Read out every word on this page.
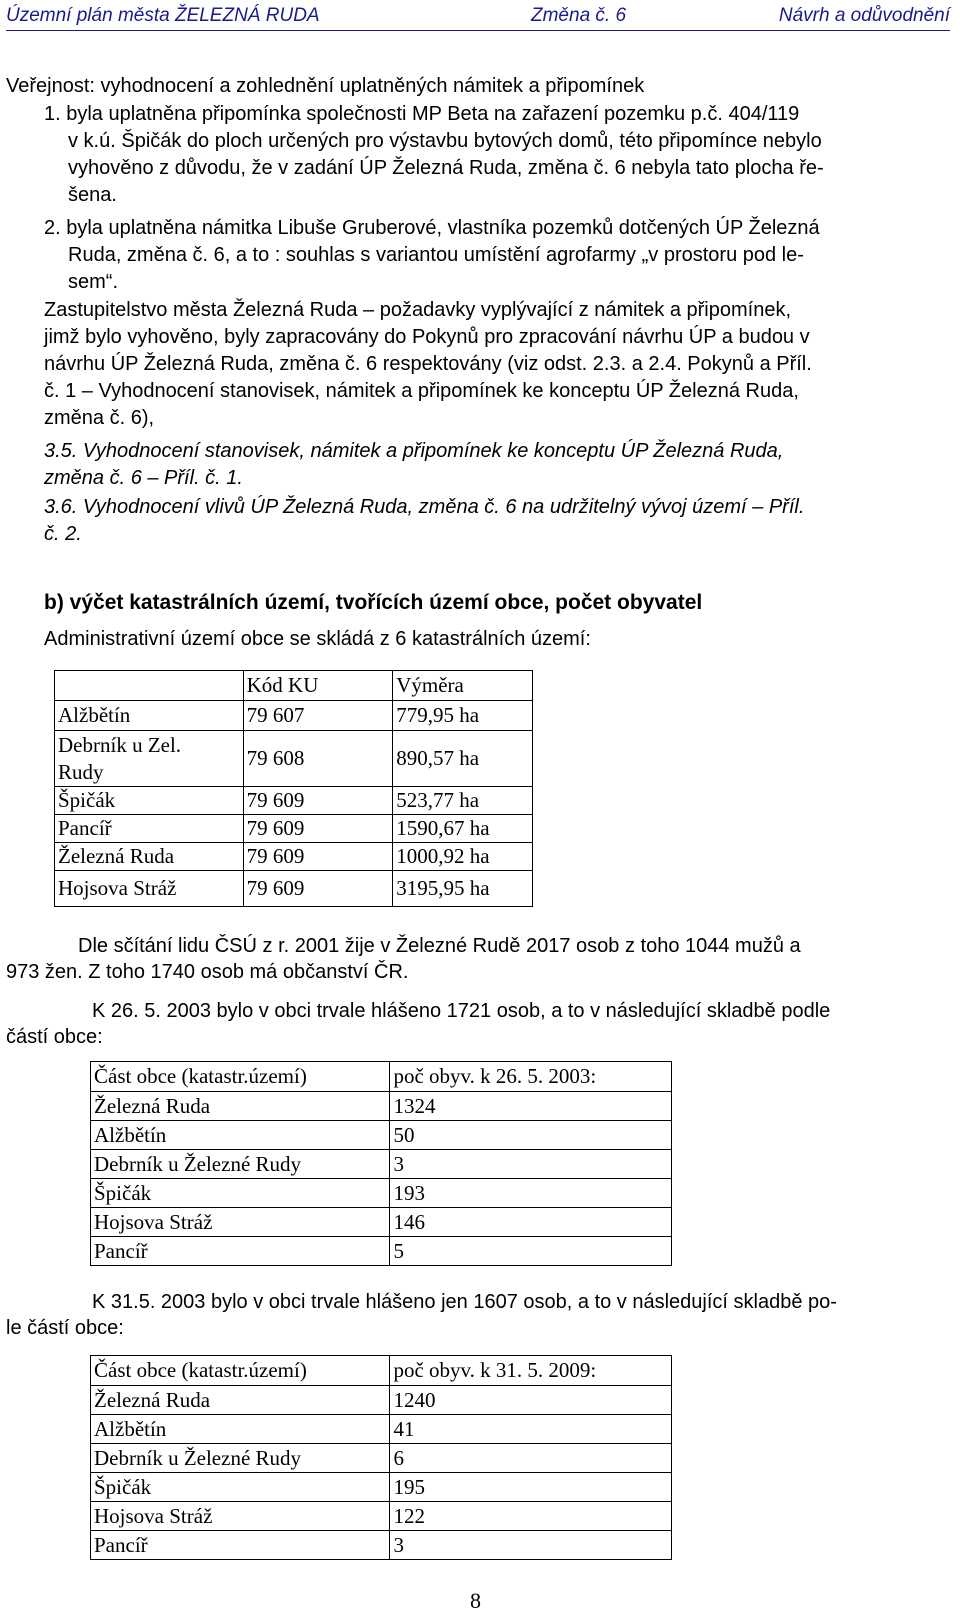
Územní plán města ŽELEZNÁ RUDA	Změna č. 6	Návrh a odůvodnění

Veřejnost: vyhodnocení a zohlednění uplatněných námitek a připomínek

1. byla uplatněna připomínka společnosti MP Beta na zařazení pozemku p.č. 404/119

v k.ú. Špičák do ploch určených pro výstavbu bytových domů, této připomínce nebylo

vyhověno z důvodu, že v zadání ÚP Železná Ruda, změna č. 6 nebyla tato plocha ře-

šena.

2. byla uplatněna námitka Libuše Gruberové, vlastníka pozemků dotčených ÚP Železná

Ruda, změna č. 6, a to : souhlas s variantou umístění agrofarmy „v prostoru pod le-

sem“.

Zastupitelstvo města Železná Ruda – požadavky vyplývající z námitek a připomínek,

jimž bylo vyhověno, byly zapracovány do Pokynů pro zpracování návrhu ÚP a budou v

návrhu ÚP Železná Ruda, změna č. 6 respektovány (viz odst. 2.3. a 2.4. Pokynů a Příl.

č. 1 – Vyhodnocení stanovisek, námitek a připomínek ke konceptu ÚP Železná Ruda,

změna č. 6),

3.5. Vyhodnocení stanovisek, námitek a připomínek ke konceptu ÚP Železná Ruda,

změna č. 6 – Příl. č. 1.

3.6. Vyhodnocení vlivů ÚP Železná Ruda, změna č. 6 na udržitelný vývoj území – Příl.

č. 2.

b) výčet katastrálních území, tvořících území obce, počet obyvatel

Administrativní území obce se skládá z 6 katastrálních území:

	Kód KU	Výměra
Alžbětín	79 607	779,95 ha
Debrník u Zel.
Rudy	79 608	890,57 ha
Špičák	79 609	523,77 ha
Pancíř	79 609	1590,67 ha
Železná Ruda	79 609	1000,92 ha
Hojsova Stráž	79 609	3195,95 ha

Dle sčítání lidu ČSÚ z r. 2001 žije v Železné Rudě 2017 osob z toho 1044 mužů a

973 žen. Z toho 1740 osob má občanství ČR.

K 26. 5. 2003 bylo v obci trvale hlášeno 1721 osob, a to v následující skladbě podle

částí obce:

Část obce (katastr.území)	poč obyv. k 26. 5. 2003:
Železná Ruda	1324
Alžbětín	50
Debrník u Železné Rudy	3
Špičák	193
Hojsova Stráž	146
Pancíř	5

K 31.5. 2003 bylo v obci trvale hlášeno jen 1607 osob, a to v následující skladbě po-

le částí obce:

Část obce (katastr.území)	poč obyv. k 31. 5. 2009:
Železná Ruda	1240
Alžbětín	41
Debrník u Železné Rudy	6
Špičák	195
Hojsova Stráž	122
Pancíř	3
8
